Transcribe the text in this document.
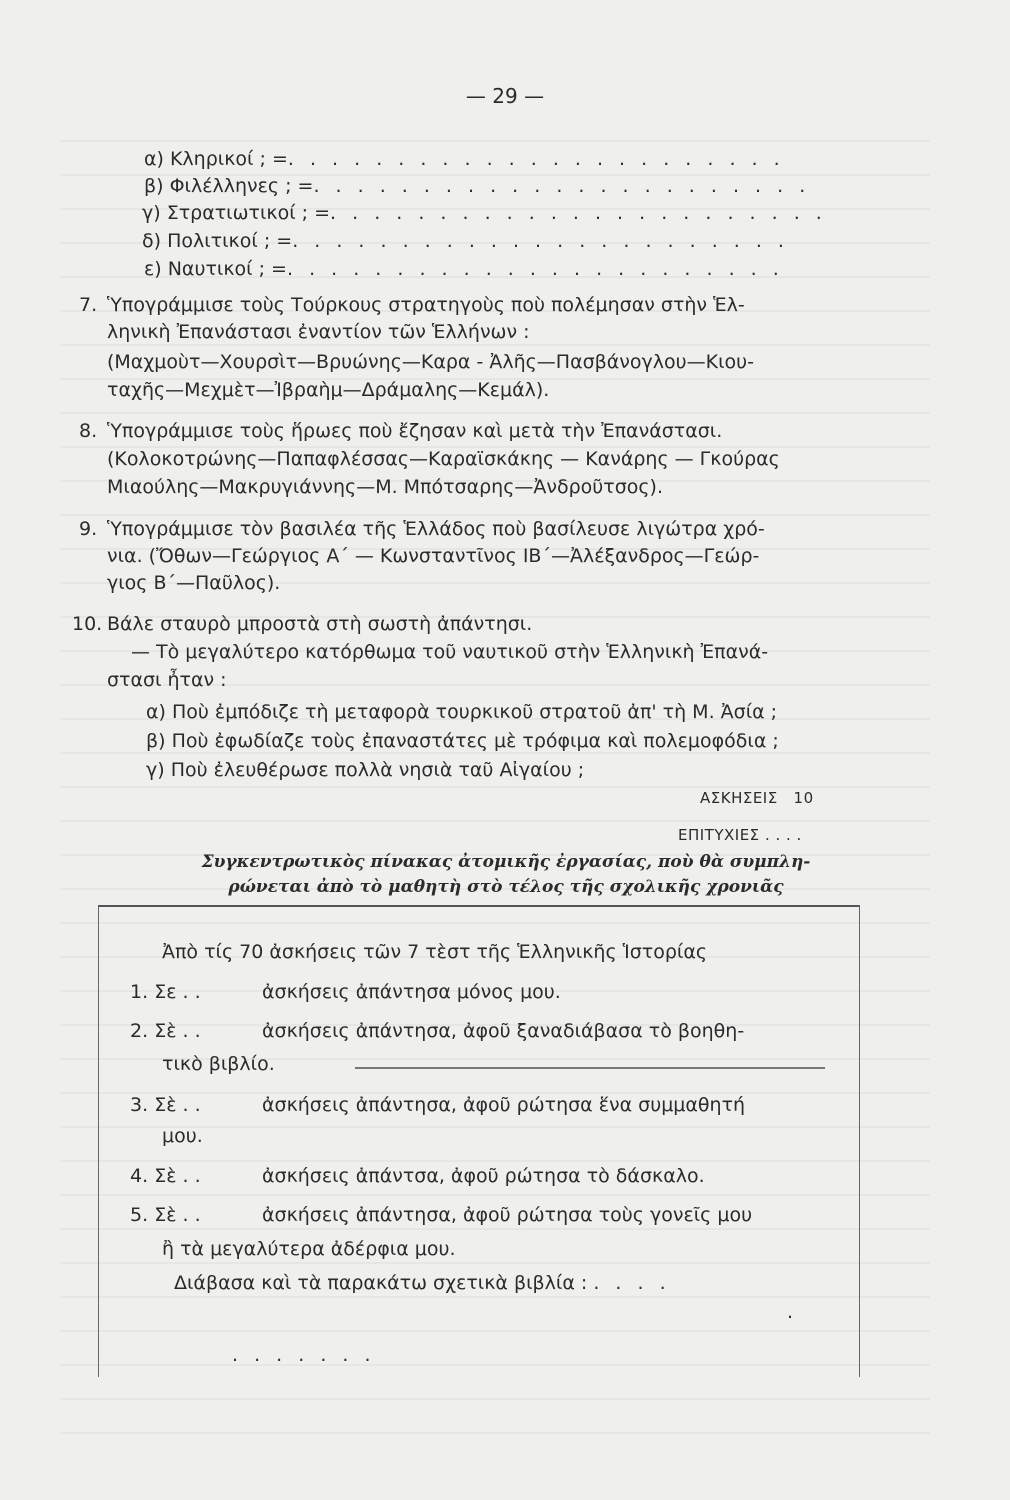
— 29 —
α) Κληρικοί ; =. . . . . . . . . . . . . . . . . . . . . . .
β) Φιλέλληνες ; =. . . . . . . . . . . . . . . . . . . . . . .
γ) Στρατιωτικοί ; =. . . . . . . . . . . . . . . . . . . . . . .
δ) Πολιτικοί ; =. . . . . . . . . . . . . . . . . . . . . . .
ε) Ναυτικοί ; =. . . . . . . . . . . . . . . . . . . . . . .
7. Ὑπογράμμισε τοὺς Τούρκους στρατηγοὺς ποὺ πολέμησαν στὴν Ἑλ-
ληνικὴ Ἐπανάστασι ἐναντίον τῶν Ἑλλήνων :
(Μαχμοὺτ—Χουρσὶτ—Βρυώνης—Καρα - Ἀλῆς—Πασβάνογλου—Κιου-
ταχῆς—Μεχμὲτ—Ἰβραὴμ—Δράμαλης—Κεμάλ).
8. Ὑπογράμμισε τοὺς ἥρωες ποὺ ἔζησαν καὶ μετὰ τὴν Ἐπανάστασι.
(Κολοκοτρώνης—Παπαφλέσσας—Καραϊσκάκης — Κανάρης — Γκούρας
Μιαούλης—Μακρυγιάννης—Μ. Μπότσαρης—Ἀνδροῦτσος).
9. Ὑπογράμμισε τὸν βασιλέα τῆς Ἑλλάδος ποὺ βασίλευσε λιγώτρα χρό-
νια. (Ὄθων—Γεώργιος Α΄ — Κωνσταντῖνος ΙΒ΄—Ἀλέξανδρος—Γεώρ-
γιος Β΄—Παῦλος).
10. Βάλε σταυρὸ μπροστὰ στὴ σωστὴ ἀπάντησι.
— Τὸ μεγαλύτερο κατόρθωμα τοῦ ναυτικοῦ στὴν Ἑλληνικὴ Ἐπανά-
στασι ἦταν :
α) Ποὺ ἐμπόδιζε τὴ μεταφορὰ τουρκικοῦ στρατοῦ ἀπ' τὴ Μ. Ἀσία ;
β) Ποὺ ἐφωδίαζε τοὺς ἐπαναστάτες μὲ τρόφιμα καὶ πολεμοφόδια ;
γ) Ποὺ ἐλευθέρωσε πολλὰ νησιὰ ταῦ Αἰγαίου ;
ΑΣΚΗΣΕΙΣ 10
ΕΠΙΤΥΧΙΕΣ . . . .
Συγκεντρωτικὸς πίνακας ἀτομικῆς ἐργασίας, ποὺ θὰ συμπλη-
ρώνεται ἀπὸ τὸ μαθητὴ στὸ τέλος τῆς σχολικῆς χρονιᾶς
Ἀπὸ τίς 70 ἀσκήσεις τῶν 7 τὲστ τῆς Ἑλληνικῆς Ἱστορίας
1. Σε . .	ἀσκήσεις ἀπάντησα μόνος μου.
2. Σὲ . .	ἀσκήσεις ἀπάντησα, ἀφοῦ ξαναδιάβασα τὸ βοηθη-
τικὸ βιβλίο.
3. Σὲ . .	ἀσκήσεις ἀπάντησα, ἀφοῦ ρώτησα ἕνα συμμαθητή
μου.
4. Σὲ . .	ἀσκήσεις ἀπάντσα, ἀφοῦ ρώτησα τὸ δάσκαλο.
5. Σὲ . .	ἀσκήσεις ἀπάντησα, ἀφοῦ ρώτησα τοὺς γονεῖς μου
ἢ τὰ μεγαλύτερα ἀδέρφια μου.
Διάβασα καὶ τὰ παρακάτω σχετικὰ βιβλία : . . . .
.
. . . . . . .
